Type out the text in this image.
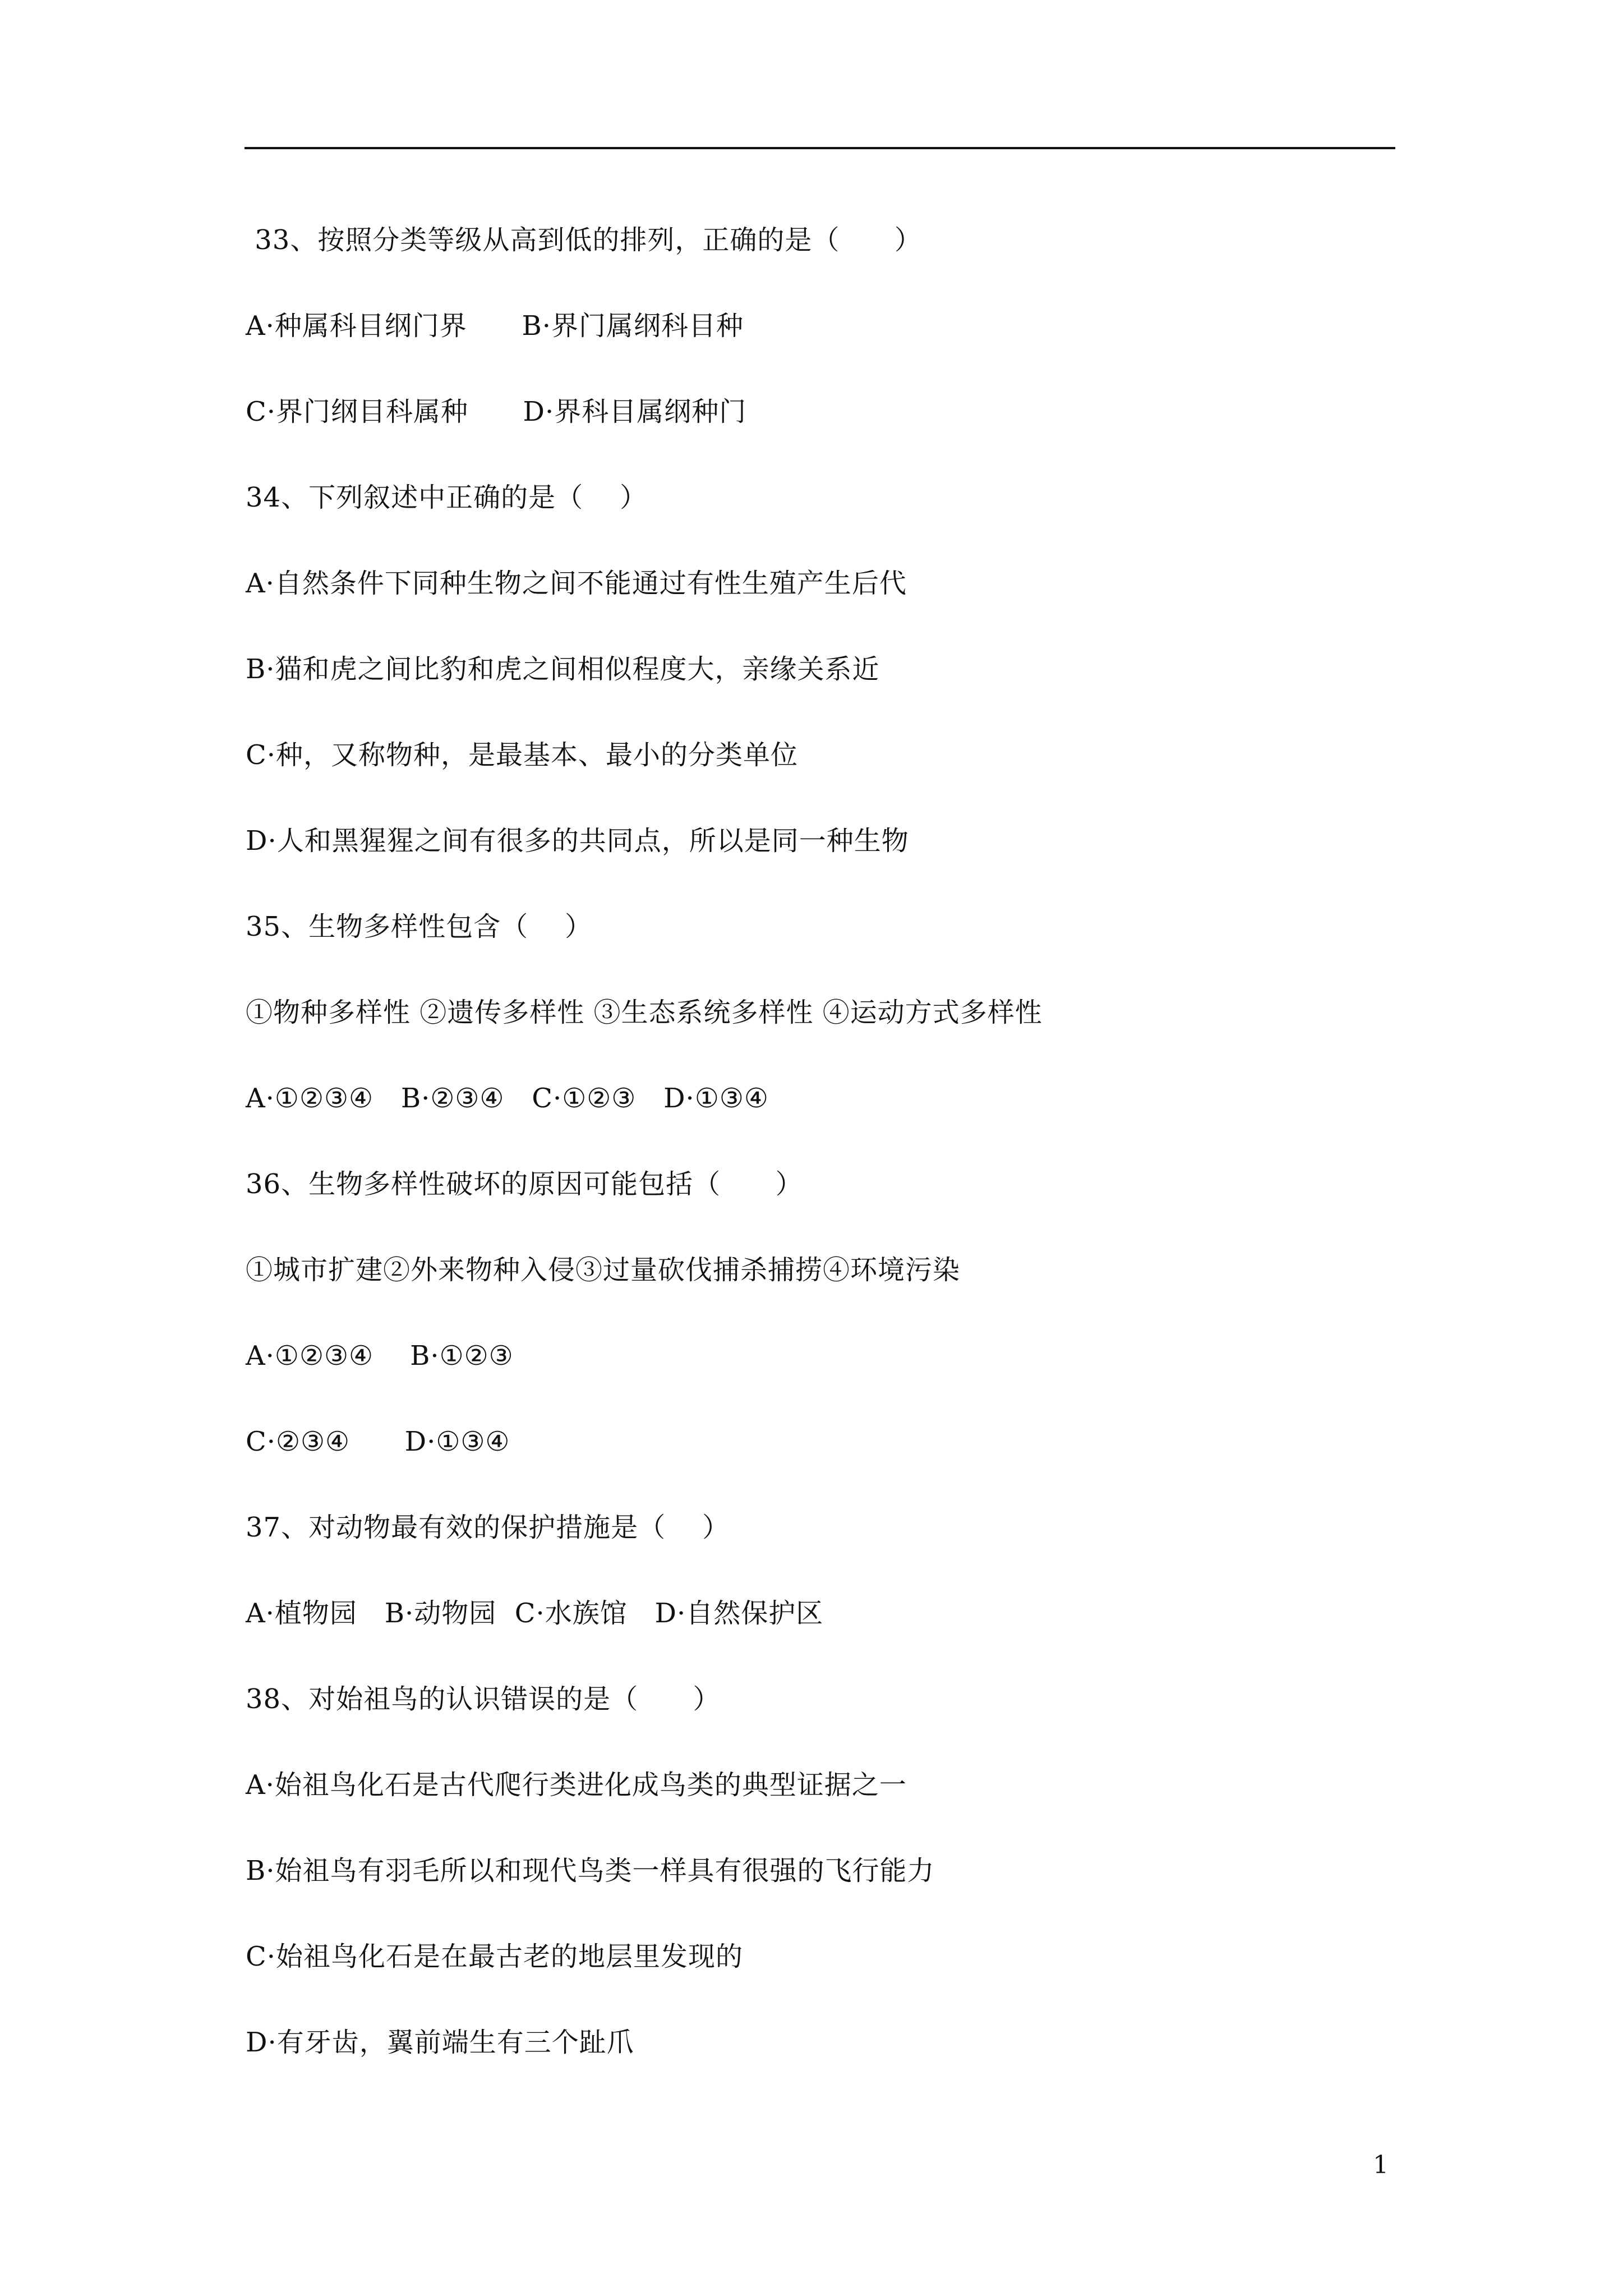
33、按照分类等级从高到低的排列，正确的是（      ）
A·种属科目纲门界      B·界门属纲科目种
C·界门纲目科属种      D·界科目属纲种门
34、下列叙述中正确的是（    ）
A·自然条件下同种生物之间不能通过有性生殖产生后代
B·猫和虎之间比豹和虎之间相似程度大，亲缘关系近
C·种，又称物种，是最基本、最小的分类单位
D·人和黑猩猩之间有很多的共同点，所以是同一种生物
35、生物多样性包含（    ）
①物种多样性 ②遗传多样性 ③生态系统多样性 ④运动方式多样性
A·①②③④   B·②③④   C·①②③   D·①③④
36、生物多样性破坏的原因可能包括（      ）
①城市扩建②外来物种入侵③过量砍伐捕杀捕捞④环境污染
A·①②③④    B·①②③
C·②③④      D·①③④
37、对动物最有效的保护措施是（    ）
A·植物园   B·动物园  C·水族馆   D·自然保护区
38、对始祖鸟的认识错误的是（      ）
A·始祖鸟化石是古代爬行类进化成鸟类的典型证据之一
B·始祖鸟有羽毛所以和现代鸟类一样具有很强的飞行能力
C·始祖鸟化石是在最古老的地层里发现的
D·有牙齿，翼前端生有三个趾爪
1
